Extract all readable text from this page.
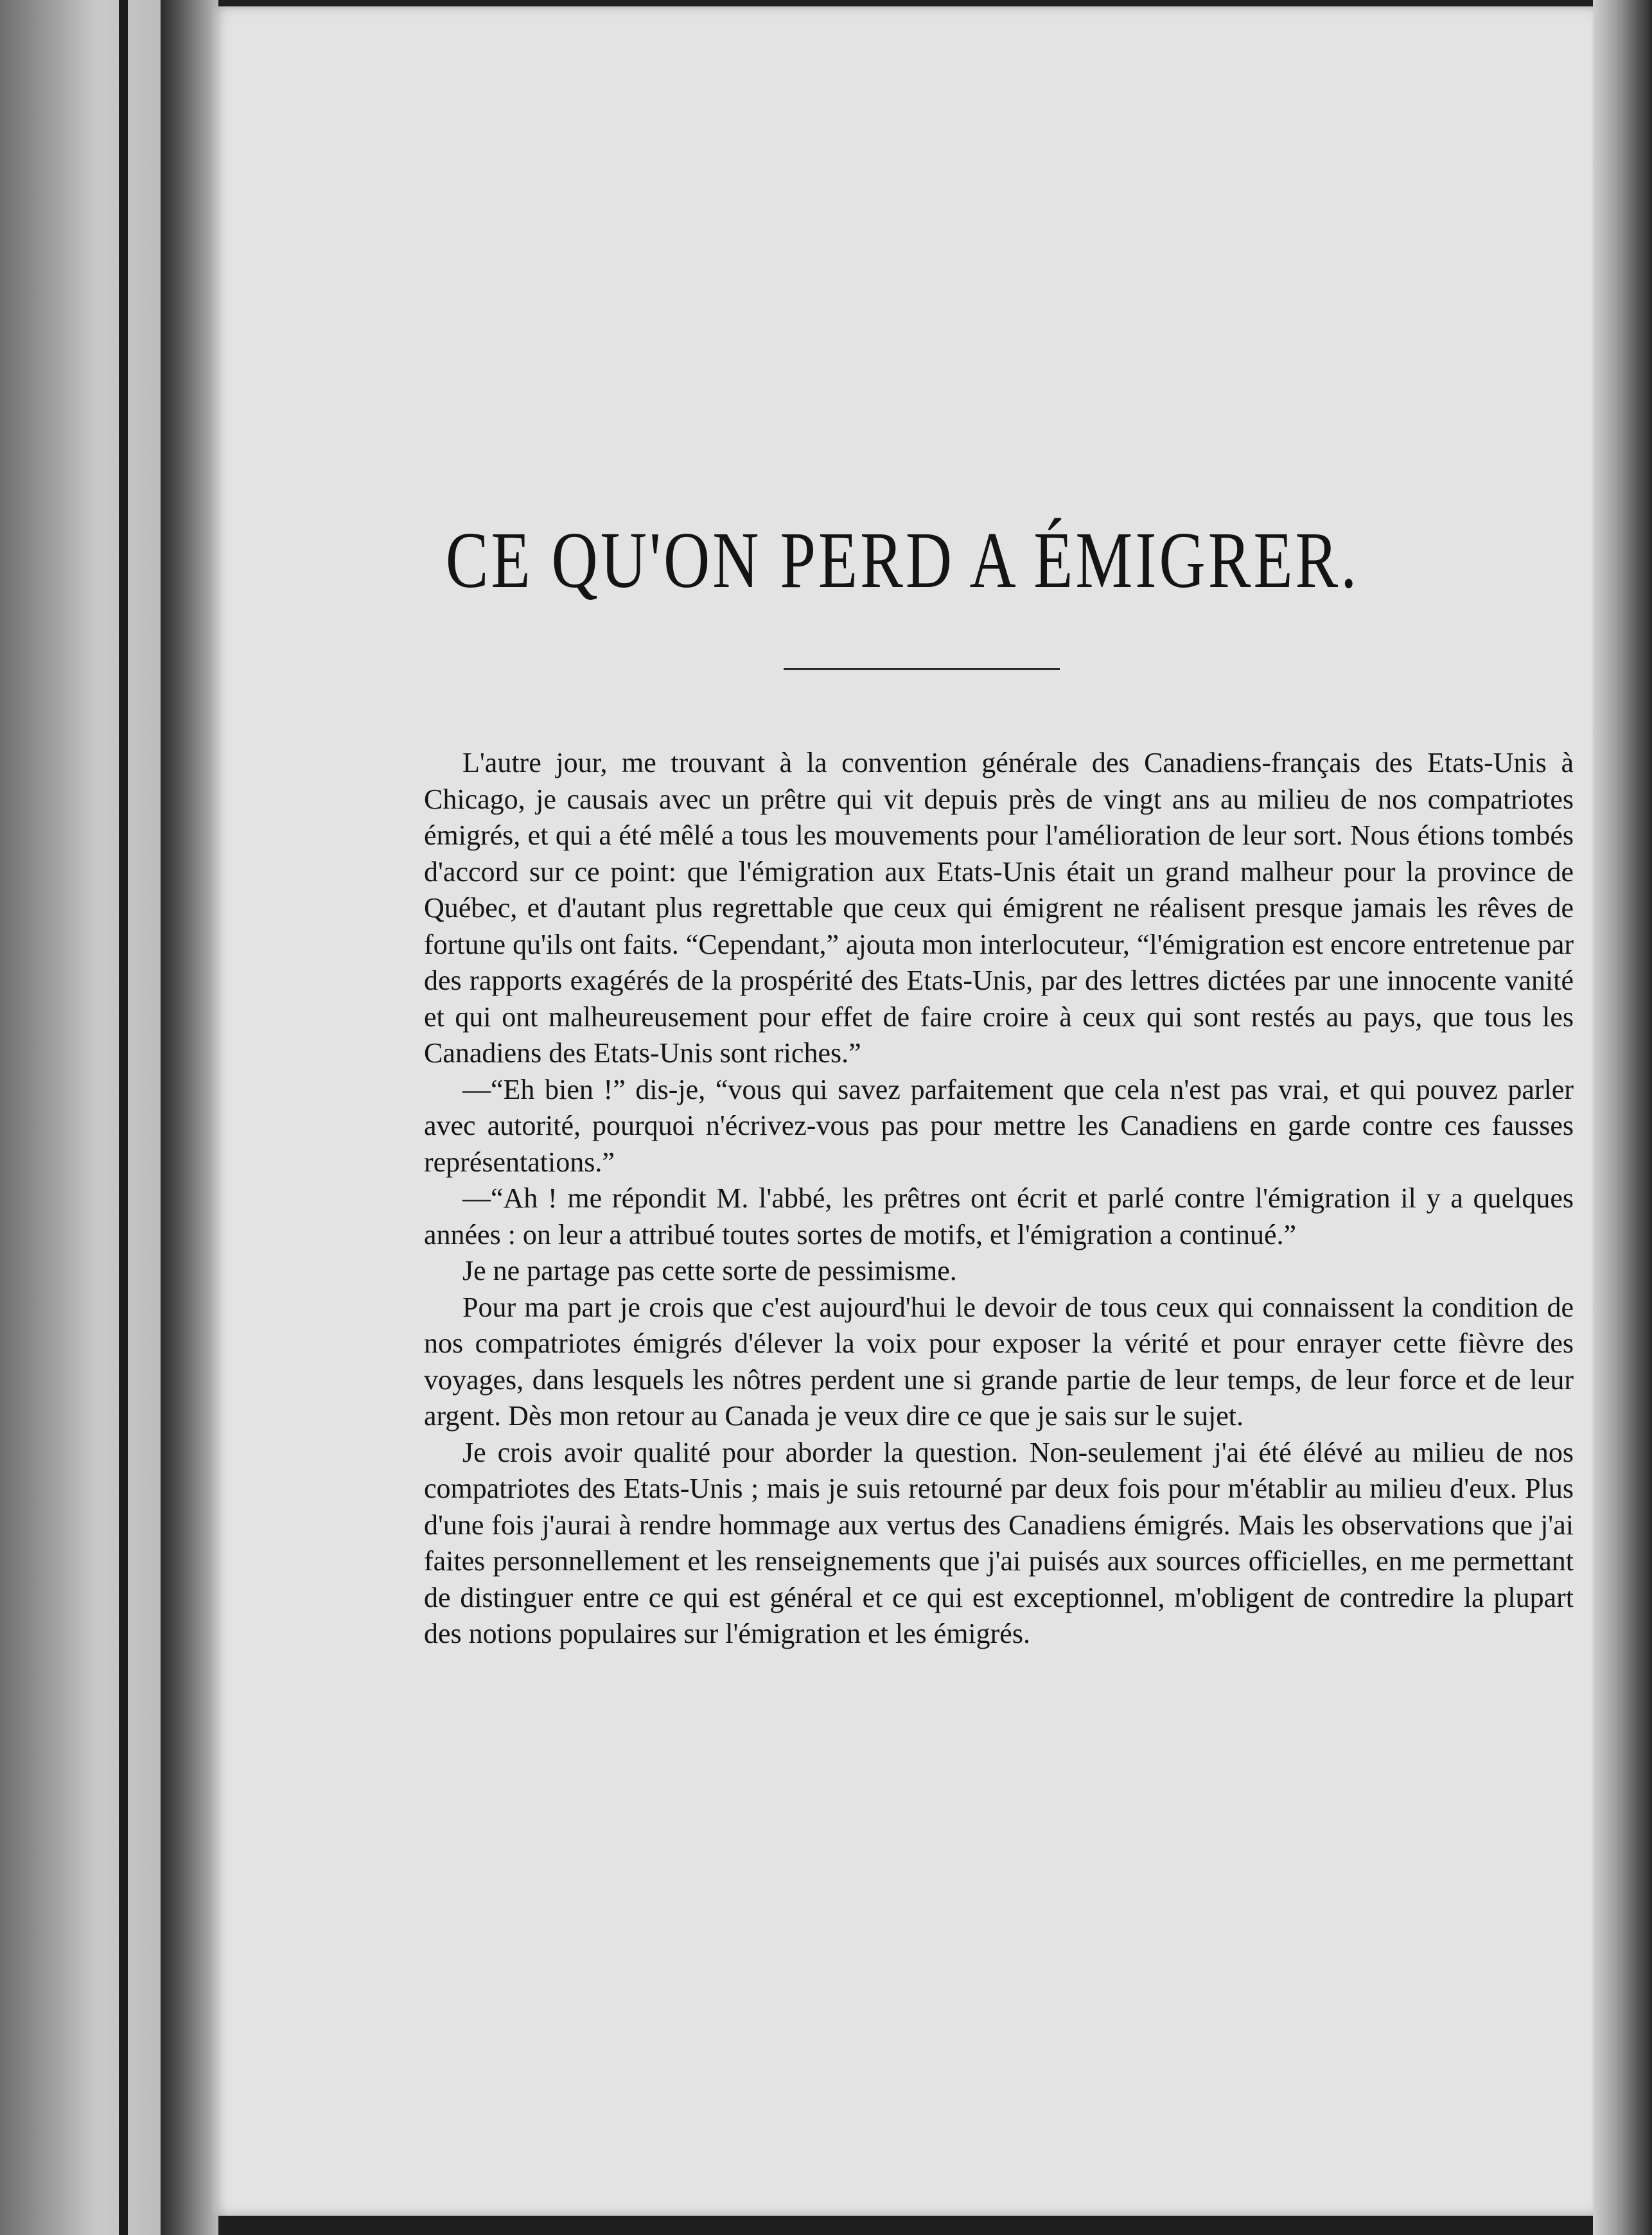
CE QU'ON PERD A ÉMIGRER.

L'autre jour, me trouvant à la convention générale des Canadiens-français des Etats-Unis à Chicago, je causais avec un prêtre qui vit depuis près de vingt ans au milieu de nos compatriotes émigrés, et qui a été mêlé a tous les mouvements pour l'amélioration de leur sort. Nous étions tombés d'accord sur ce point: que l'émigration aux Etats-Unis était un grand malheur pour la province de Québec, et d'autant plus regrettable que ceux qui émigrent ne réalisent presque jamais les rêves de fortune qu'ils ont faits. “Cependant,” ajouta mon interlocuteur, “l'émigration est encore entretenue par des rapports exagérés de la prospérité des Etats-Unis, par des lettres dictées par une innocente vanité et qui ont malheureusement pour effet de faire croire à ceux qui sont restés au pays, que tous les Canadiens des Etats-Unis sont riches.”

—“Eh bien !” dis-je, “vous qui savez parfaitement que cela n'est pas vrai, et qui pouvez parler avec autorité, pourquoi n'écrivez-vous pas pour mettre les Canadiens en garde contre ces fausses représentations.”

—“Ah ! me répondit M. l'abbé, les prêtres ont écrit et parlé contre l'émigration il y a quelques années : on leur a attribué toutes sortes de motifs, et l'émigration a continué.”

Je ne partage pas cette sorte de pessimisme.

Pour ma part je crois que c'est aujourd'hui le devoir de tous ceux qui connaissent la condition de nos compatriotes émigrés d'élever la voix pour exposer la vérité et pour enrayer cette fièvre des voyages, dans lesquels les nôtres perdent une si grande partie de leur temps, de leur force et de leur argent. Dès mon retour au Canada je veux dire ce que je sais sur le sujet.

Je crois avoir qualité pour aborder la question. Non-seulement j'ai été élévé au milieu de nos compatriotes des Etats-Unis ; mais je suis retourné par deux fois pour m'établir au milieu d'eux. Plus d'une fois j'aurai à rendre hommage aux vertus des Canadiens émigrés. Mais les observations que j'ai faites personnellement et les renseignements que j'ai puisés aux sources officielles, en me permettant de distinguer entre ce qui est général et ce qui est exceptionnel, m'obligent de contredire la plupart des notions populaires sur l'émigration et les émigrés.
